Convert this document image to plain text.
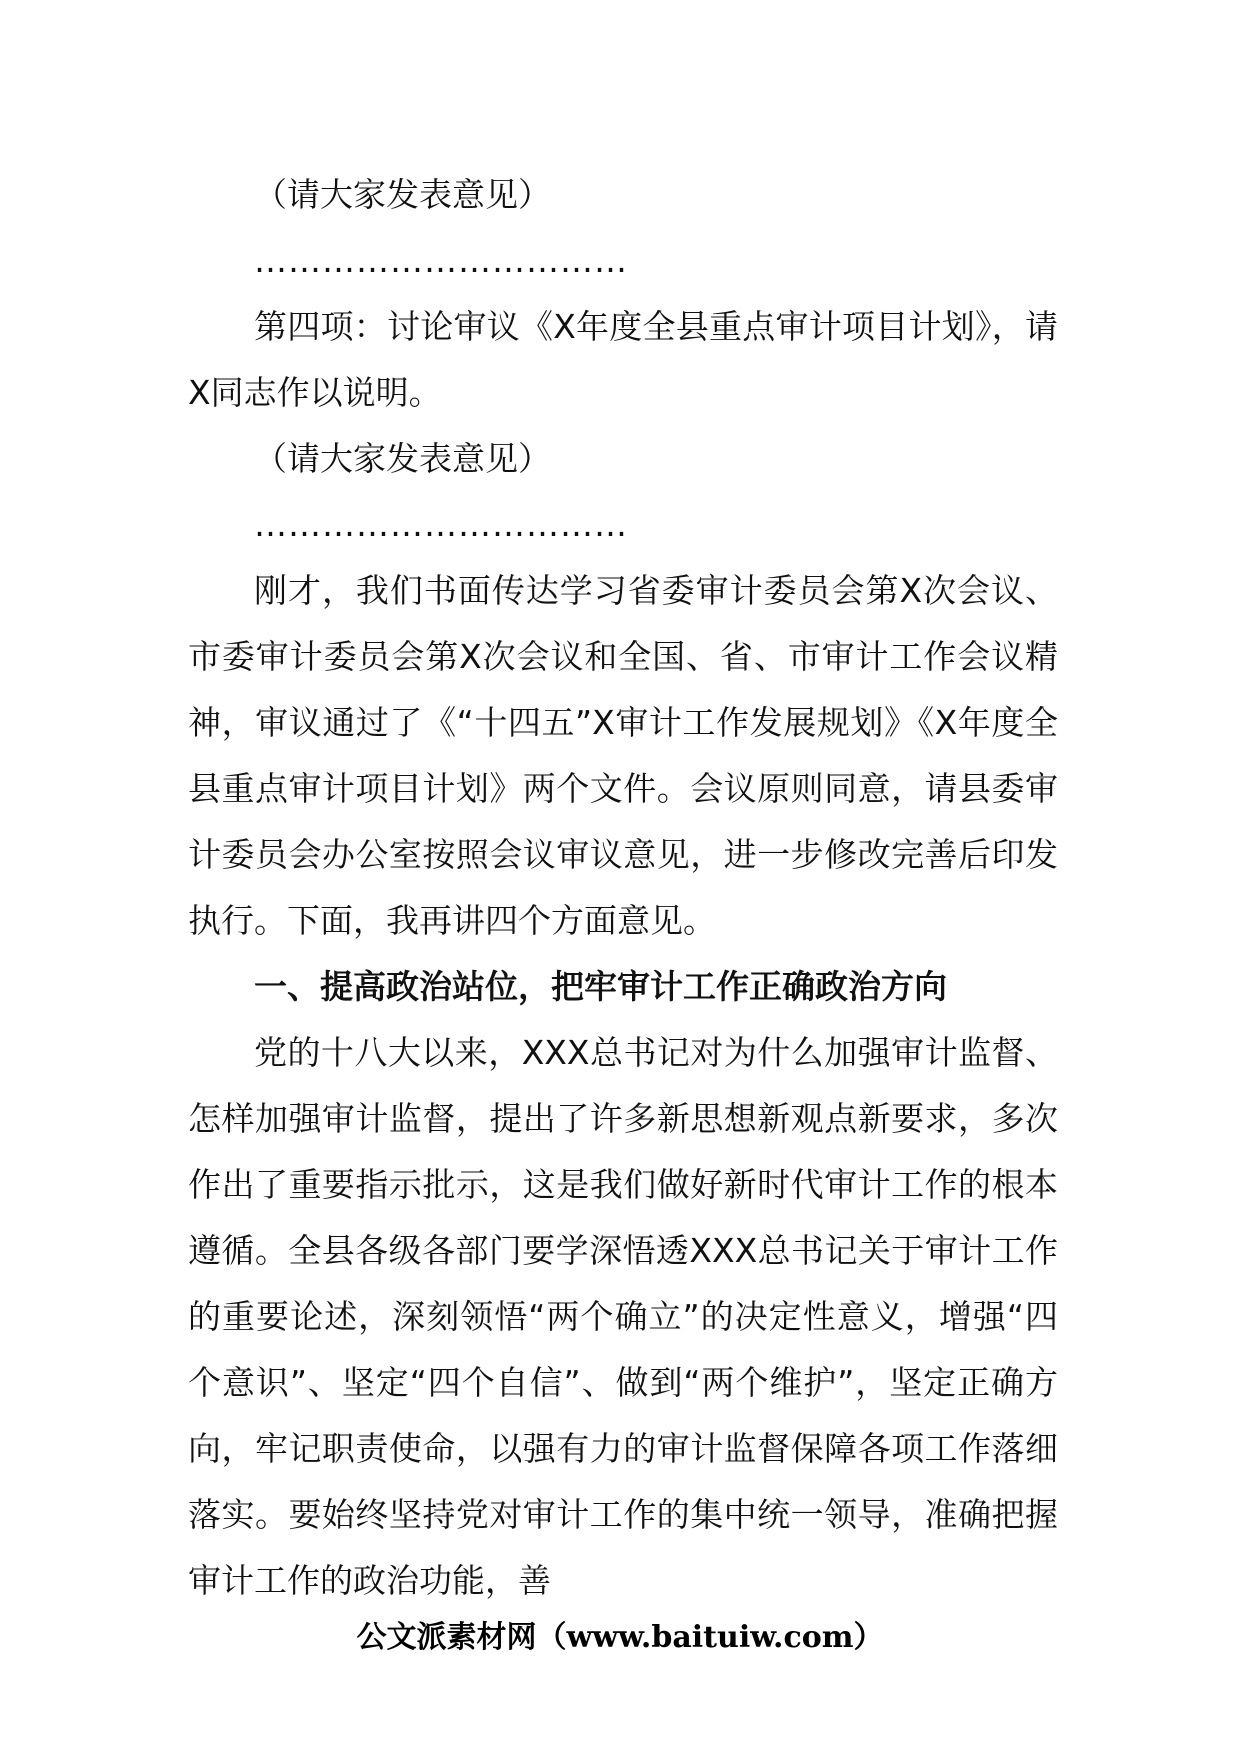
（请大家发表意见）

……………………………

第四项：讨论审议《X年度全县重点审计项目计划》，请X同志作以说明。

（请大家发表意见）

……………………………

刚才，我们书面传达学习省委审计委员会第X次会议、市委审计委员会第X次会议和全国、省、市审计工作会议精神，审议通过了《“十四五”X审计工作发展规划》《X年度全县重点审计项目计划》两个文件。会议原则同意，请县委审计委员会办公室按照会议审议意见，进一步修改完善后印发执行。下面，我再讲四个方面意见。

一、提高政治站位，把牢审计工作正确政治方向

党的十八大以来，XXX总书记对为什么加强审计监督、怎样加强审计监督，提出了许多新思想新观点新要求，多次作出了重要指示批示，这是我们做好新时代审计工作的根本遵循。全县各级各部门要学深悟透XXX总书记关于审计工作的重要论述，深刻领悟“两个确立”的决定性意义，增强“四个意识”、坚定“四个自信”、做到“两个维护”，坚定正确方向，牢记职责使命，以强有力的审计监督保障各项工作落细落实。要始终坚持党对审计工作的集中统一领导，准确把握审计工作的政治功能，善

公文派素材网（www.baituiw.com）
